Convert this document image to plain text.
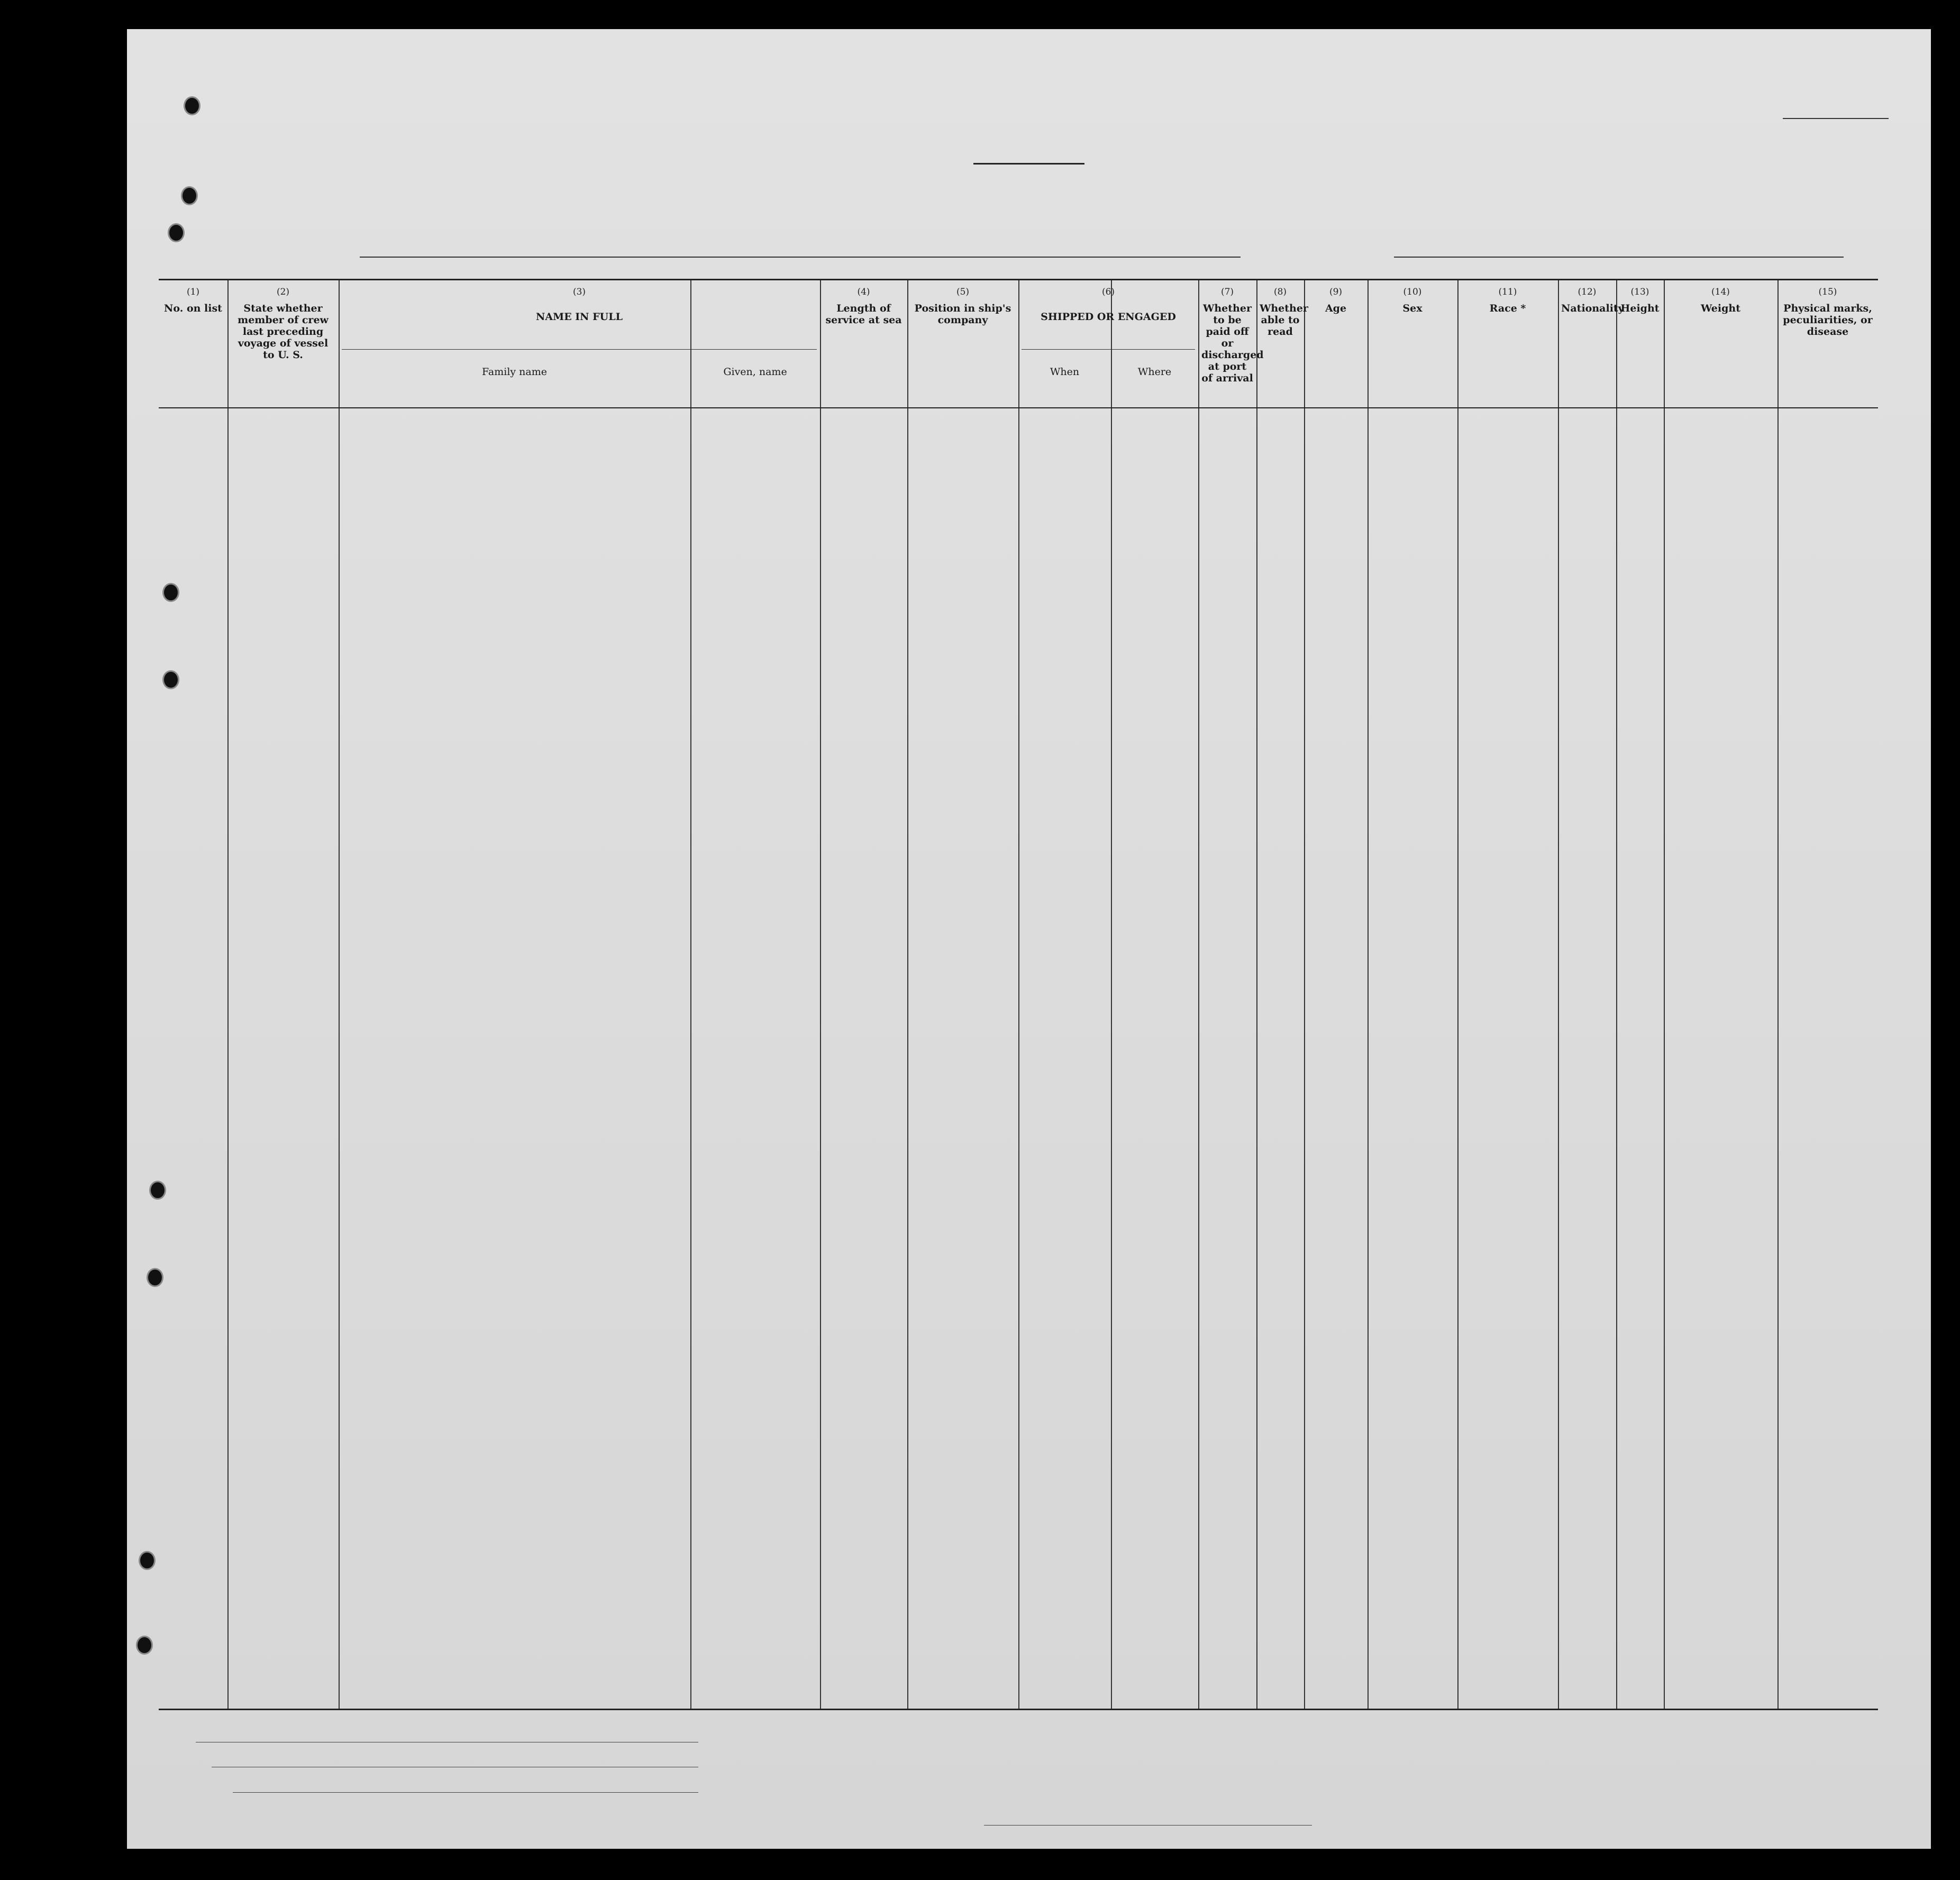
(1)
No. on list
(2)
State whether member of crew last preceding voyage of vessel to U. S.
(3)
NAME IN FULL
Family name	Given, name
(4)
Length of service at sea
(5)
Position in ship's company
(6)
SHIPPED OR ENGAGED
When	Where
(7)
Whether to be paid off or discharged at port of arrival
(8)
Whether able to read
(9)
Age
(10)
Sex
(11)
Race *
(12)
Nationality
(13)
Height
(14)
Weight
(15)
Physical marks, peculiarities, or disease
